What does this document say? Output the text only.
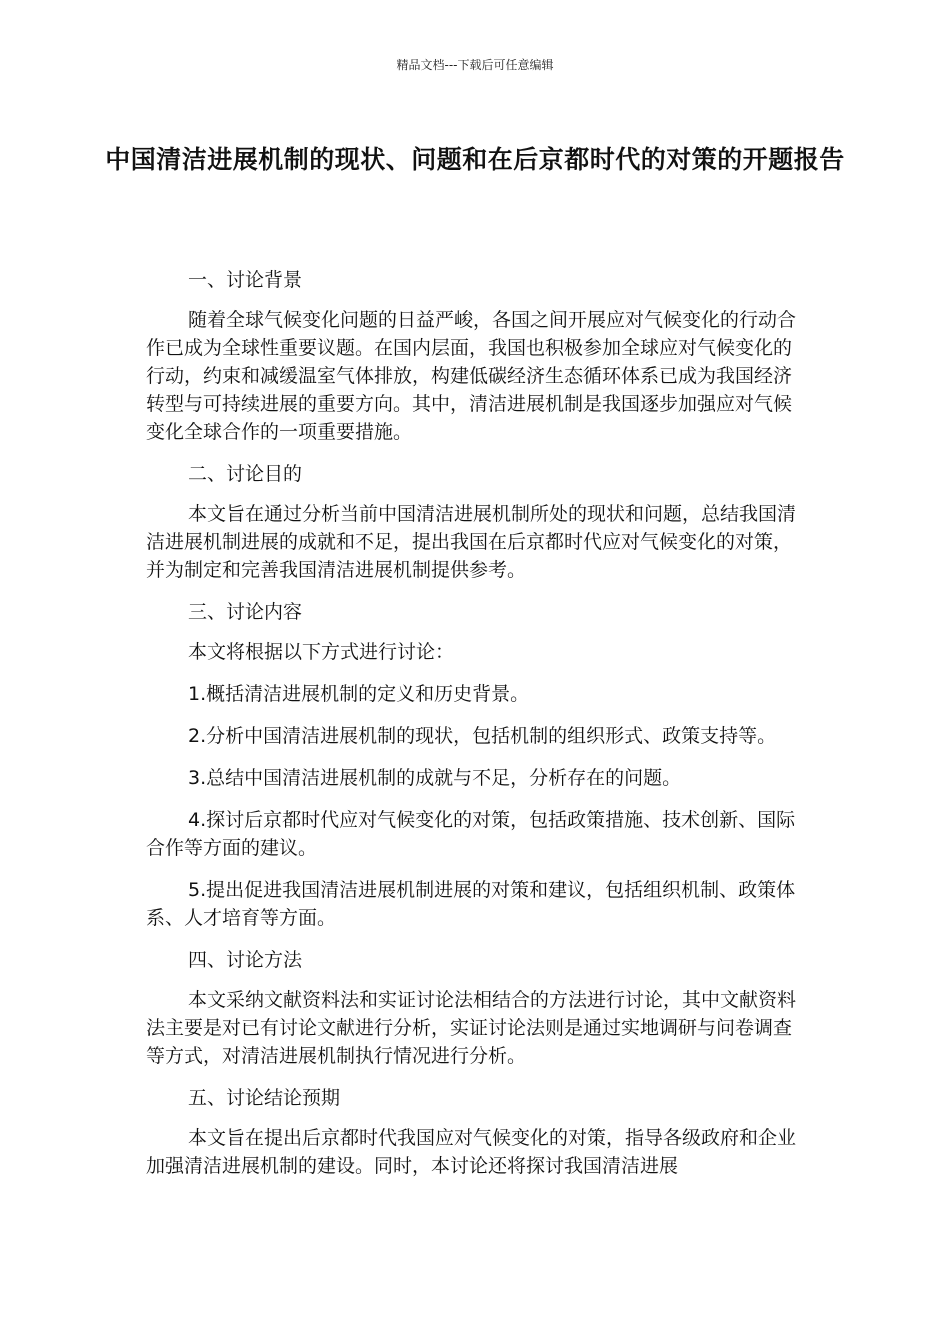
精品文档---下载后可任意编辑
中国清洁进展机制的现状、问题和在后京都时代的对策的开题报告

一、讨论背景

随着全球气候变化问题的日益严峻，各国之间开展应对气候变化的行动合作已成为全球性重要议题。在国内层面，我国也积极参加全球应对气候变化的行动，约束和减缓温室气体排放，构建低碳经济生态循环体系已成为我国经济转型与可持续进展的重要方向。其中，清洁进展机制是我国逐步加强应对气候变化全球合作的一项重要措施。

二、讨论目的

本文旨在通过分析当前中国清洁进展机制所处的现状和问题，总结我国清洁进展机制进展的成就和不足，提出我国在后京都时代应对气候变化的对策，并为制定和完善我国清洁进展机制提供参考。

三、讨论内容

本文将根据以下方式进行讨论：

1.概括清洁进展机制的定义和历史背景。

2.分析中国清洁进展机制的现状，包括机制的组织形式、政策支持等。

3.总结中国清洁进展机制的成就与不足，分析存在的问题。

4.探讨后京都时代应对气候变化的对策，包括政策措施、技术创新、国际合作等方面的建议。

5.提出促进我国清洁进展机制进展的对策和建议，包括组织机制、政策体系、人才培育等方面。

四、讨论方法

本文采纳文献资料法和实证讨论法相结合的方法进行讨论，其中文献资料法主要是对已有讨论文献进行分析，实证讨论法则是通过实地调研与问卷调查等方式，对清洁进展机制执行情况进行分析。

五、讨论结论预期

本文旨在提出后京都时代我国应对气候变化的对策，指导各级政府和企业加强清洁进展机制的建设。同时，本讨论还将探讨我国清洁进展
